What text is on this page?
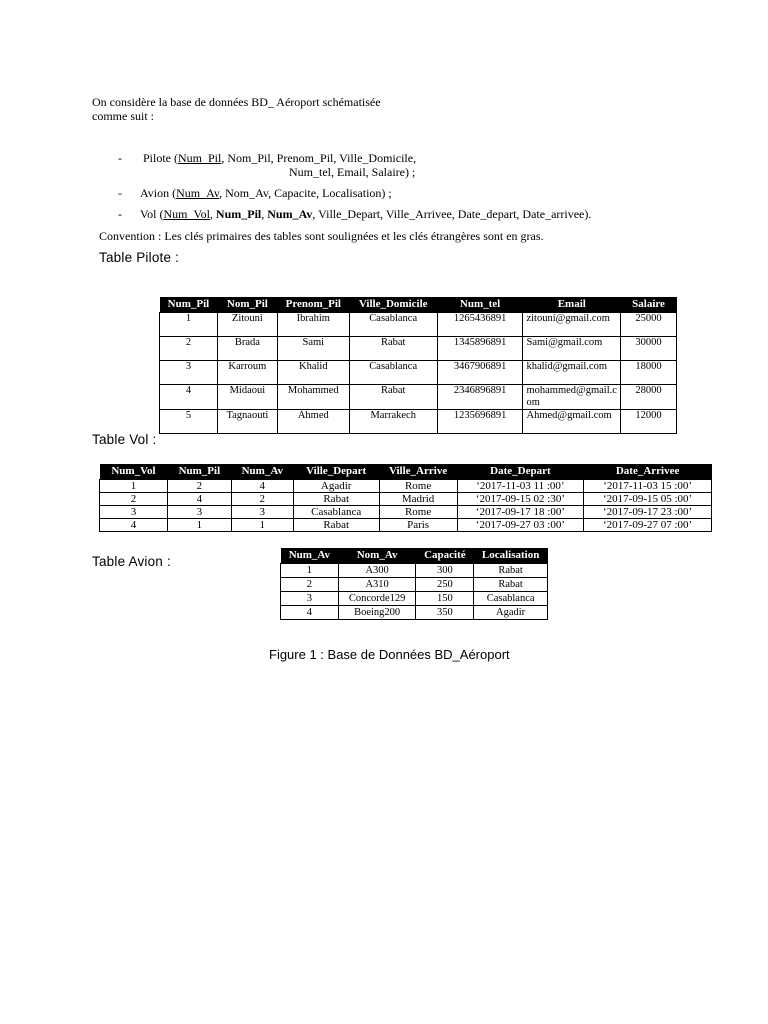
On considère la base de données BD_ Aéroport schématisée

comme suit :

- Pilote (Num_Pil, Nom_Pil, Prenom_Pil, Ville_Domicile,

Num_tel, Email, Salaire) ;

- Avion (Num_Av, Nom_Av, Capacite, Localisation) ;

- Vol (Num_Vol, Num_Pil, Num_Av, Ville_Depart, Ville_Arrivee, Date_depart, Date_arrivee).

Convention : Les clés primaires des tables sont soulignées et les clés étrangères sont en gras.

Table Pilote :
Num_Pil	Nom_Pil	Prenom_Pil	Ville_Domicile	Num_tel	Email	Salaire
1	Zitouni	Ibrahim	Casablanca	1265436891	zitouni@gmail.com	25000
2	Brada	Sami	Rabat	1345896891	Sami@gmail.com	30000
3	Karroum	Khalid	Casablanca	3467906891	khalid@gmail.com	18000
4	Midaoui	Mohammed	Rabat	2346896891	mohammed@gmail.com	28000
5	Tagnaouti	Ahmed	Marrakech	1235696891	Ahmed@gmail.com	12000
Table Vol :
Num_Vol	Num_Pil	Num_Av	Ville_Depart	Ville_Arrive	Date_Depart	Date_Arrivee
1	2	4	Agadir	Rome	‘2017-11-03 11 :00’	‘2017-11-03 15 :00’
2	4	2	Rabat	Madrid	‘2017-09-15 02 :30’	‘2017-09-15 05 :00’
3	3	3	Casablanca	Rome	‘2017-09-17 18 :00’	‘2017-09-17 23 :00’
4	1	1	Rabat	Paris	‘2017-09-27 03 :00’	‘2017-09-27 07 :00’
Table Avion :	Num_Av	Nom_Av	Capacité	Localisation
1	A300	300	Rabat
2	A310	250	Rabat
3	Concorde129	150	Casablanca
4	Boeing200	350	Agadir
Figure 1 : Base de Données BD_Aéroport
